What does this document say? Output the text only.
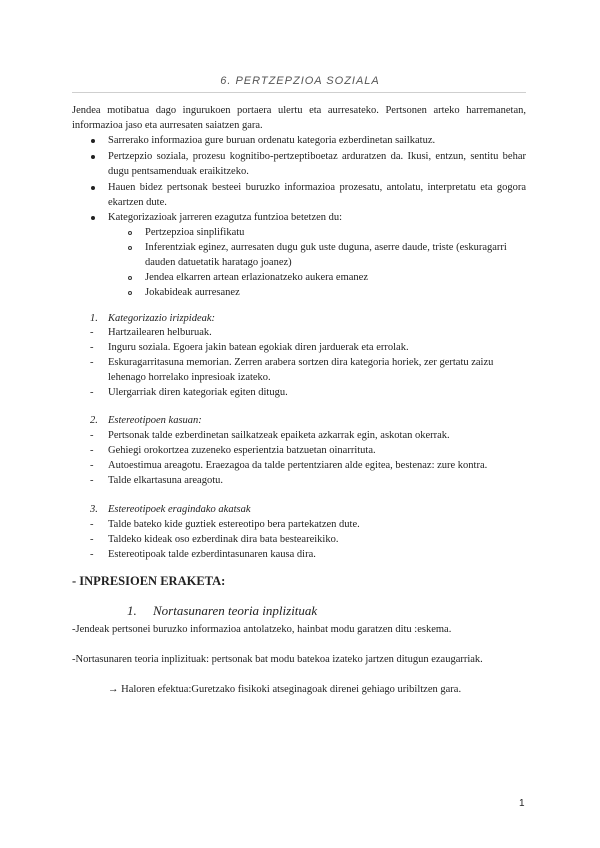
6. PERTZEPZIOA SOZIALA
Jendea motibatua dago ingurukoen portaera ulertu eta aurresateko. Pertsonen arteko harremanetan, informazioa jaso eta aurresaten saiatzen gara.
Sarrerako informazioa gure buruan ordenatu kategoria ezberdinetan sailkatuz.
Pertzepzio soziala, prozesu kognitibo-pertzeptiboetaz arduratzen da. Ikusi, entzun, sentitu behar dugu pentsamenduak eraikitzeko.
Hauen bidez pertsonak besteei buruzko informazioa prozesatu, antolatu, interpretatu eta gogora ekartzen dute.
Kategorizazioak jarreren ezagutza funtzioa betetzen du:
Pertzepzioa sinplifikatu
Inferentziak eginez, aurresaten dugu guk uste duguna, aserre daude, triste (eskuragarri dauden datuetatik haratago joanez)
Jendea elkarren artean erlazionatzeko aukera emanez
Jokabideak aurresanez
1. Kategorizazio irizpideak:
- Hartzailearen helburuak.
- Inguru soziala. Egoera jakin batean egokiak diren jarduerak eta errolak.
- Eskuragarritasuna memorian. Zerren arabera sortzen dira kategoria horiek, zer gertatu zaizu lehenago horrelako inpresioak izateko.
- Ulergarriak diren kategoriak egiten ditugu.
2. Estereotipoen kasuan:
- Pertsonak talde ezberdinetan sailkatzeak epaiketa azkarrak egin, askotan okerrak.
- Gehiegi orokortzea zuzeneko esperientzia batzuetan oinarrituta.
- Autoestimua areagotu. Eraezagoa da talde pertentziaren alde egitea, bestenaz: zure kontra.
- Talde elkartasuna areagotu.
3. Estereotipoek eragindako akatsak
- Talde bateko kide guztiek estereotipo bera partekatzen dute.
- Taldeko kideak oso ezberdinak dira bata besteareikiko.
- Estereotipoak talde ezberdintasunaren kausa dira.
- INPRESIOEN ERAKETA:
1.  Nortasunaren teoria inplizituak
-Jendeak pertsonei buruzko informazioa antolatzeko, hainbat modu garatzen ditu :eskema.
-Nortasunaren teoria inplizituak: pertsonak bat modu batekoa izateko jartzen ditugun ezaugarriak.
→ Haloren efektua:Guretzako fisikoki atseginagoak direnei gehiago uribiltzen gara.
1
